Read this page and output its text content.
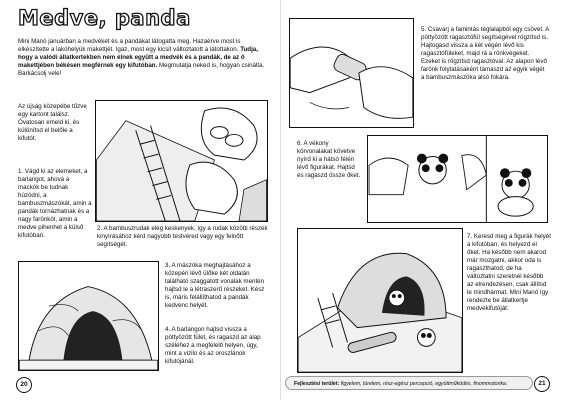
Medve, panda
Mini Manó januárban a medvéket és a pandákat látogatta meg. Hazaérve most is elkészítette a lakóhelyük makettjét. Igaz, most egy kicsit változtatott a látottakon. Tudja, hogy a valódi állatkertekben nem élnek együtt a medvék és a pandák, de az ő makettjében békésen megférnek egy kifutóban. Megmutatja neked is, hogyan csinálta. Barkácsolj vele!
Az újság közepébe tűzve egy kartont találsz. Óvatosan emeld ki, és különítsd el belőle a kifutót.
1. Vágd ki az elemeket, a barlangot, ahová a mackók be tudnak húzódni, a bambuszmászókát, amin a pandák tornázhatnak és a nagy farönköt, amin a medve pihenhet a külső kifutóban.
2. A bambuszrudak elég keskenyek, így a rudak közötti részek kinyírásához kérd nagyobb testvéred vagy egy felnőtt segítségét.
3. A mászóka meghajtásához a közepén lévő ülőke két oldalán található szaggatott vonalak mentén hajtsd le a létraszerű részeket. Kész is, máris felállíthatod a pandák kedvenc helyét.
4. A barlangon hajtsd vissza a pöttyözött fület, és ragaszd az alap széléhez a megfelelő helyen, úgy, mint a vizilo és az oroszlánok kifutójánál.
20
5. Csavarj a famintás téglalapból egy csövet. A pöttyözött ragasztófül segítségével rögzítsd is. Hajtogasd vissza a két végén lévő kis ragasztófüleket, majd rá a rönkvégeket. Ezeket is rögzítsd ragasztóval. Az alapon lévő farönk folytatásaként támaszd az egyik végét a bambuszmászóka alsó fokára.
6. A vékony körvonalakat követve nyírd ki a hátsó félén lévő figurákat. Hajtsd és ragaszd össze őket.
7. Keresd meg a figurák helyét a kifutóban, és helyezd el őket. Ha később nem akarod már mozgatni, akkor oda is ragaszthatod, de ha változtatni szeretnél később az elrendezésen, csak állítsd le mindhármat. Mini Manó így rendezte be állatkertje medvekifutóját:
Fejlesztési terület: figyelem, türelem, rész-egész percepció, együttműködés, finommotorika.	21
